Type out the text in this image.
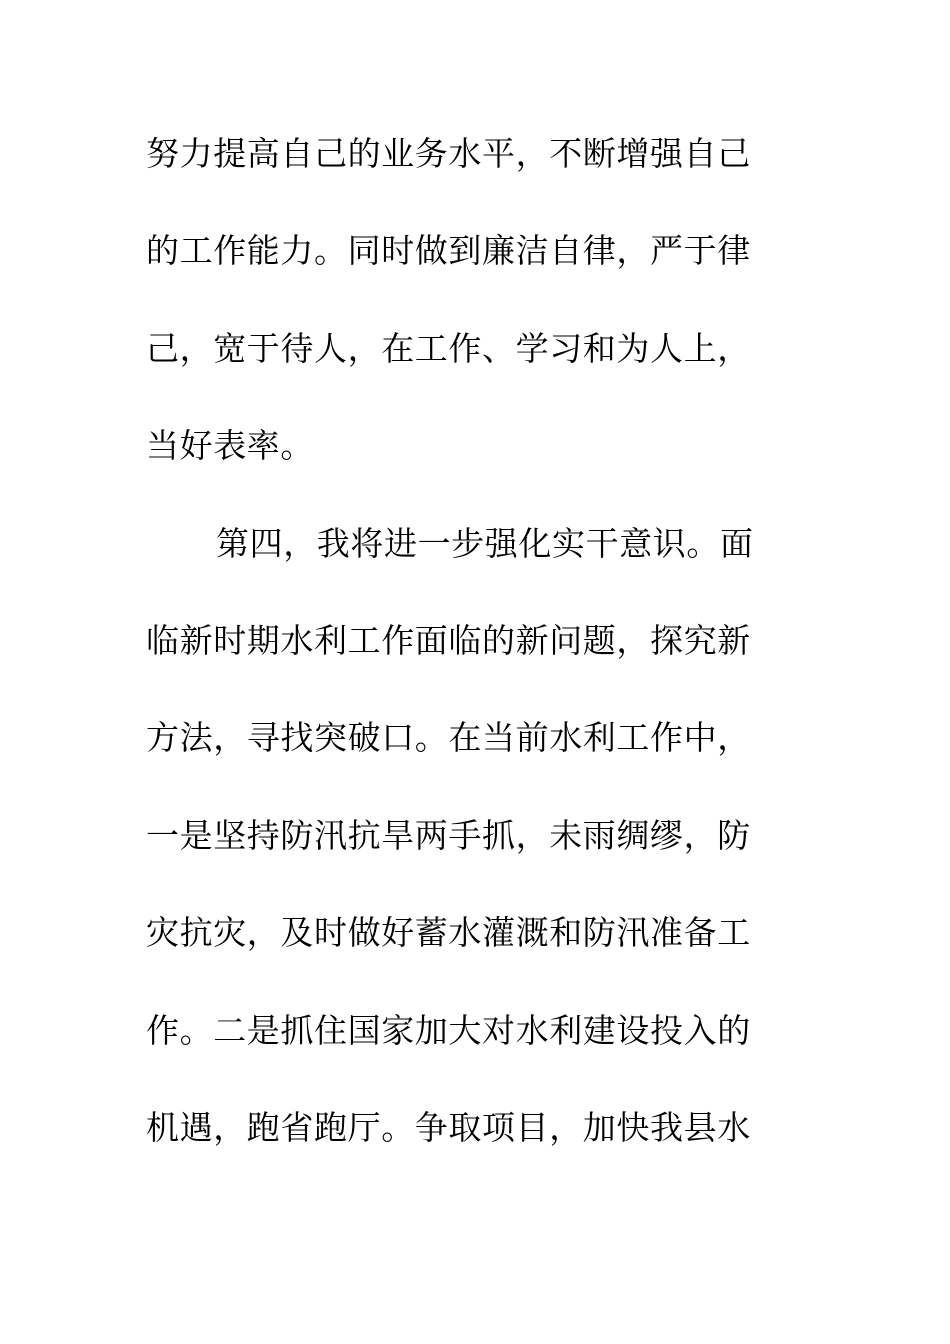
努力提高自己的业务水平，不断增强自己
的工作能力。同时做到廉洁自律，严于律
己，宽于待人，在工作、学习和为人上，
当好表率。
第四，我将进一步强化实干意识。面
临新时期水利工作面临的新问题，探究新
方法，寻找突破口。在当前水利工作中，
一是坚持防汛抗旱两手抓，未雨绸缪，防
灾抗灾，及时做好蓄水灌溉和防汛准备工
作。二是抓住国家加大对水利建设投入的
机遇，跑省跑厅。争取项目，加快我县水
